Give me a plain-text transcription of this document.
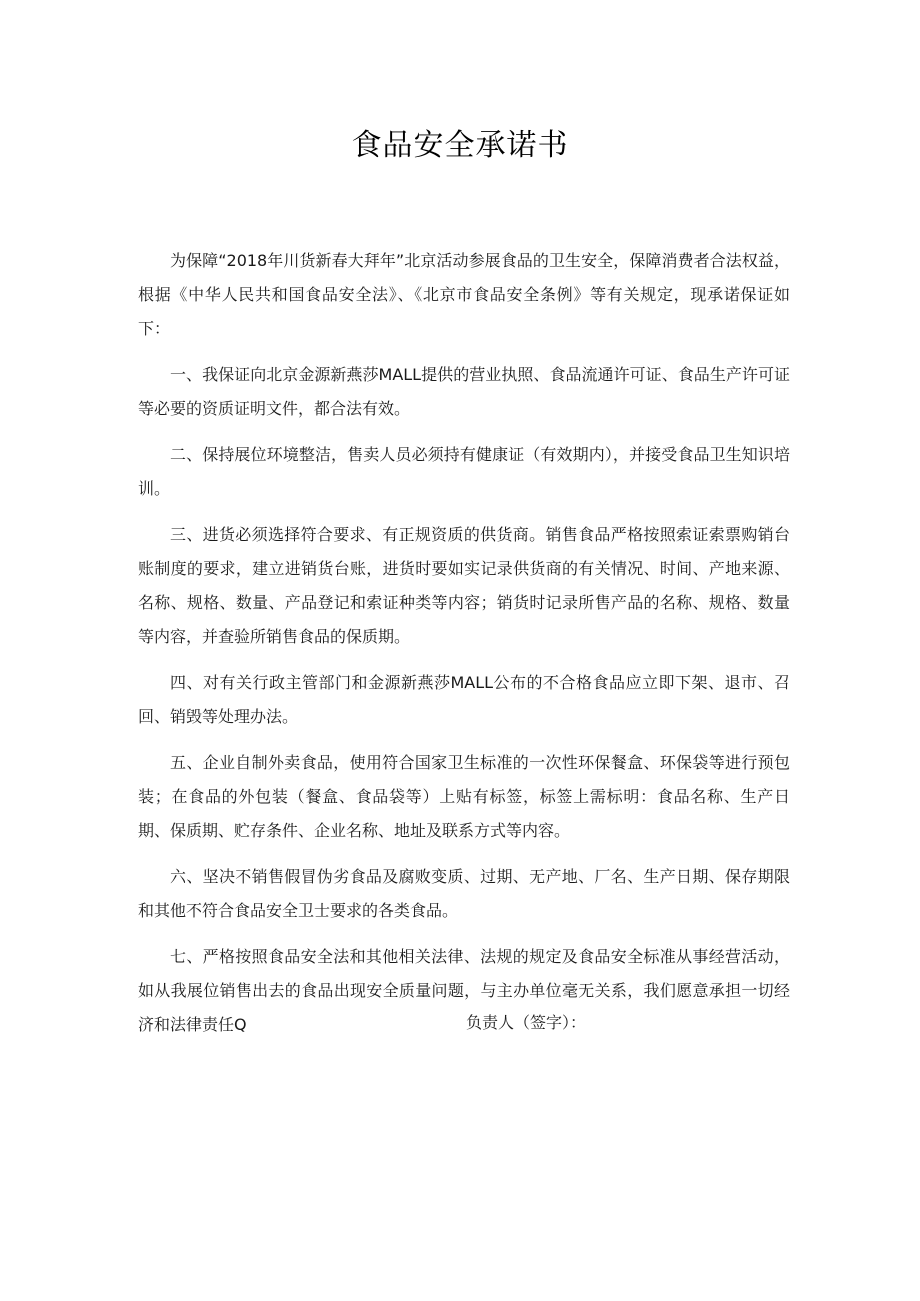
食品安全承诺书

为保障“2018年川货新春大拜年”北京活动参展食品的卫生安全，保障消费者合法权益，根据《中华人民共和国食品安全法》、《北京市食品安全条例》等有关规定，现承诺保证如下：

一、我保证向北京金源新燕莎MALL提供的营业执照、食品流通许可证、食品生产许可证等必要的资质证明文件，都合法有效。

二、保持展位环境整洁，售卖人员必须持有健康证（有效期内），并接受食品卫生知识培训。

三、进货必须选择符合要求、有正规资质的供货商。销售食品严格按照索证索票购销台账制度的要求，建立进销货台账，进货时要如实记录供货商的有关情况、时间、产地来源、名称、规格、数量、产品登记和索证种类等内容；销货时记录所售产品的名称、规格、数量等内容，并查验所销售食品的保质期。

四、对有关行政主管部门和金源新燕莎MALL公布的不合格食品应立即下架、退市、召回、销毁等处理办法。

五、企业自制外卖食品，使用符合国家卫生标准的一次性环保餐盒、环保袋等进行预包装；在食品的外包装（餐盒、食品袋等）上贴有标签，标签上需标明：食品名称、生产日期、保质期、贮存条件、企业名称、地址及联系方式等内容。

六、坚决不销售假冒伪劣食品及腐败变质、过期、无产地、厂名、生产日期、保存期限和其他不符合食品安全卫士要求的各类食品。

七、严格按照食品安全法和其他相关法律、法规的规定及食品安全标准从事经营活动，如从我展位销售出去的食品出现安全质量问题，与主办单位毫无关系，我们愿意承担一切经济和法律责任Q	负责人（签字）：
